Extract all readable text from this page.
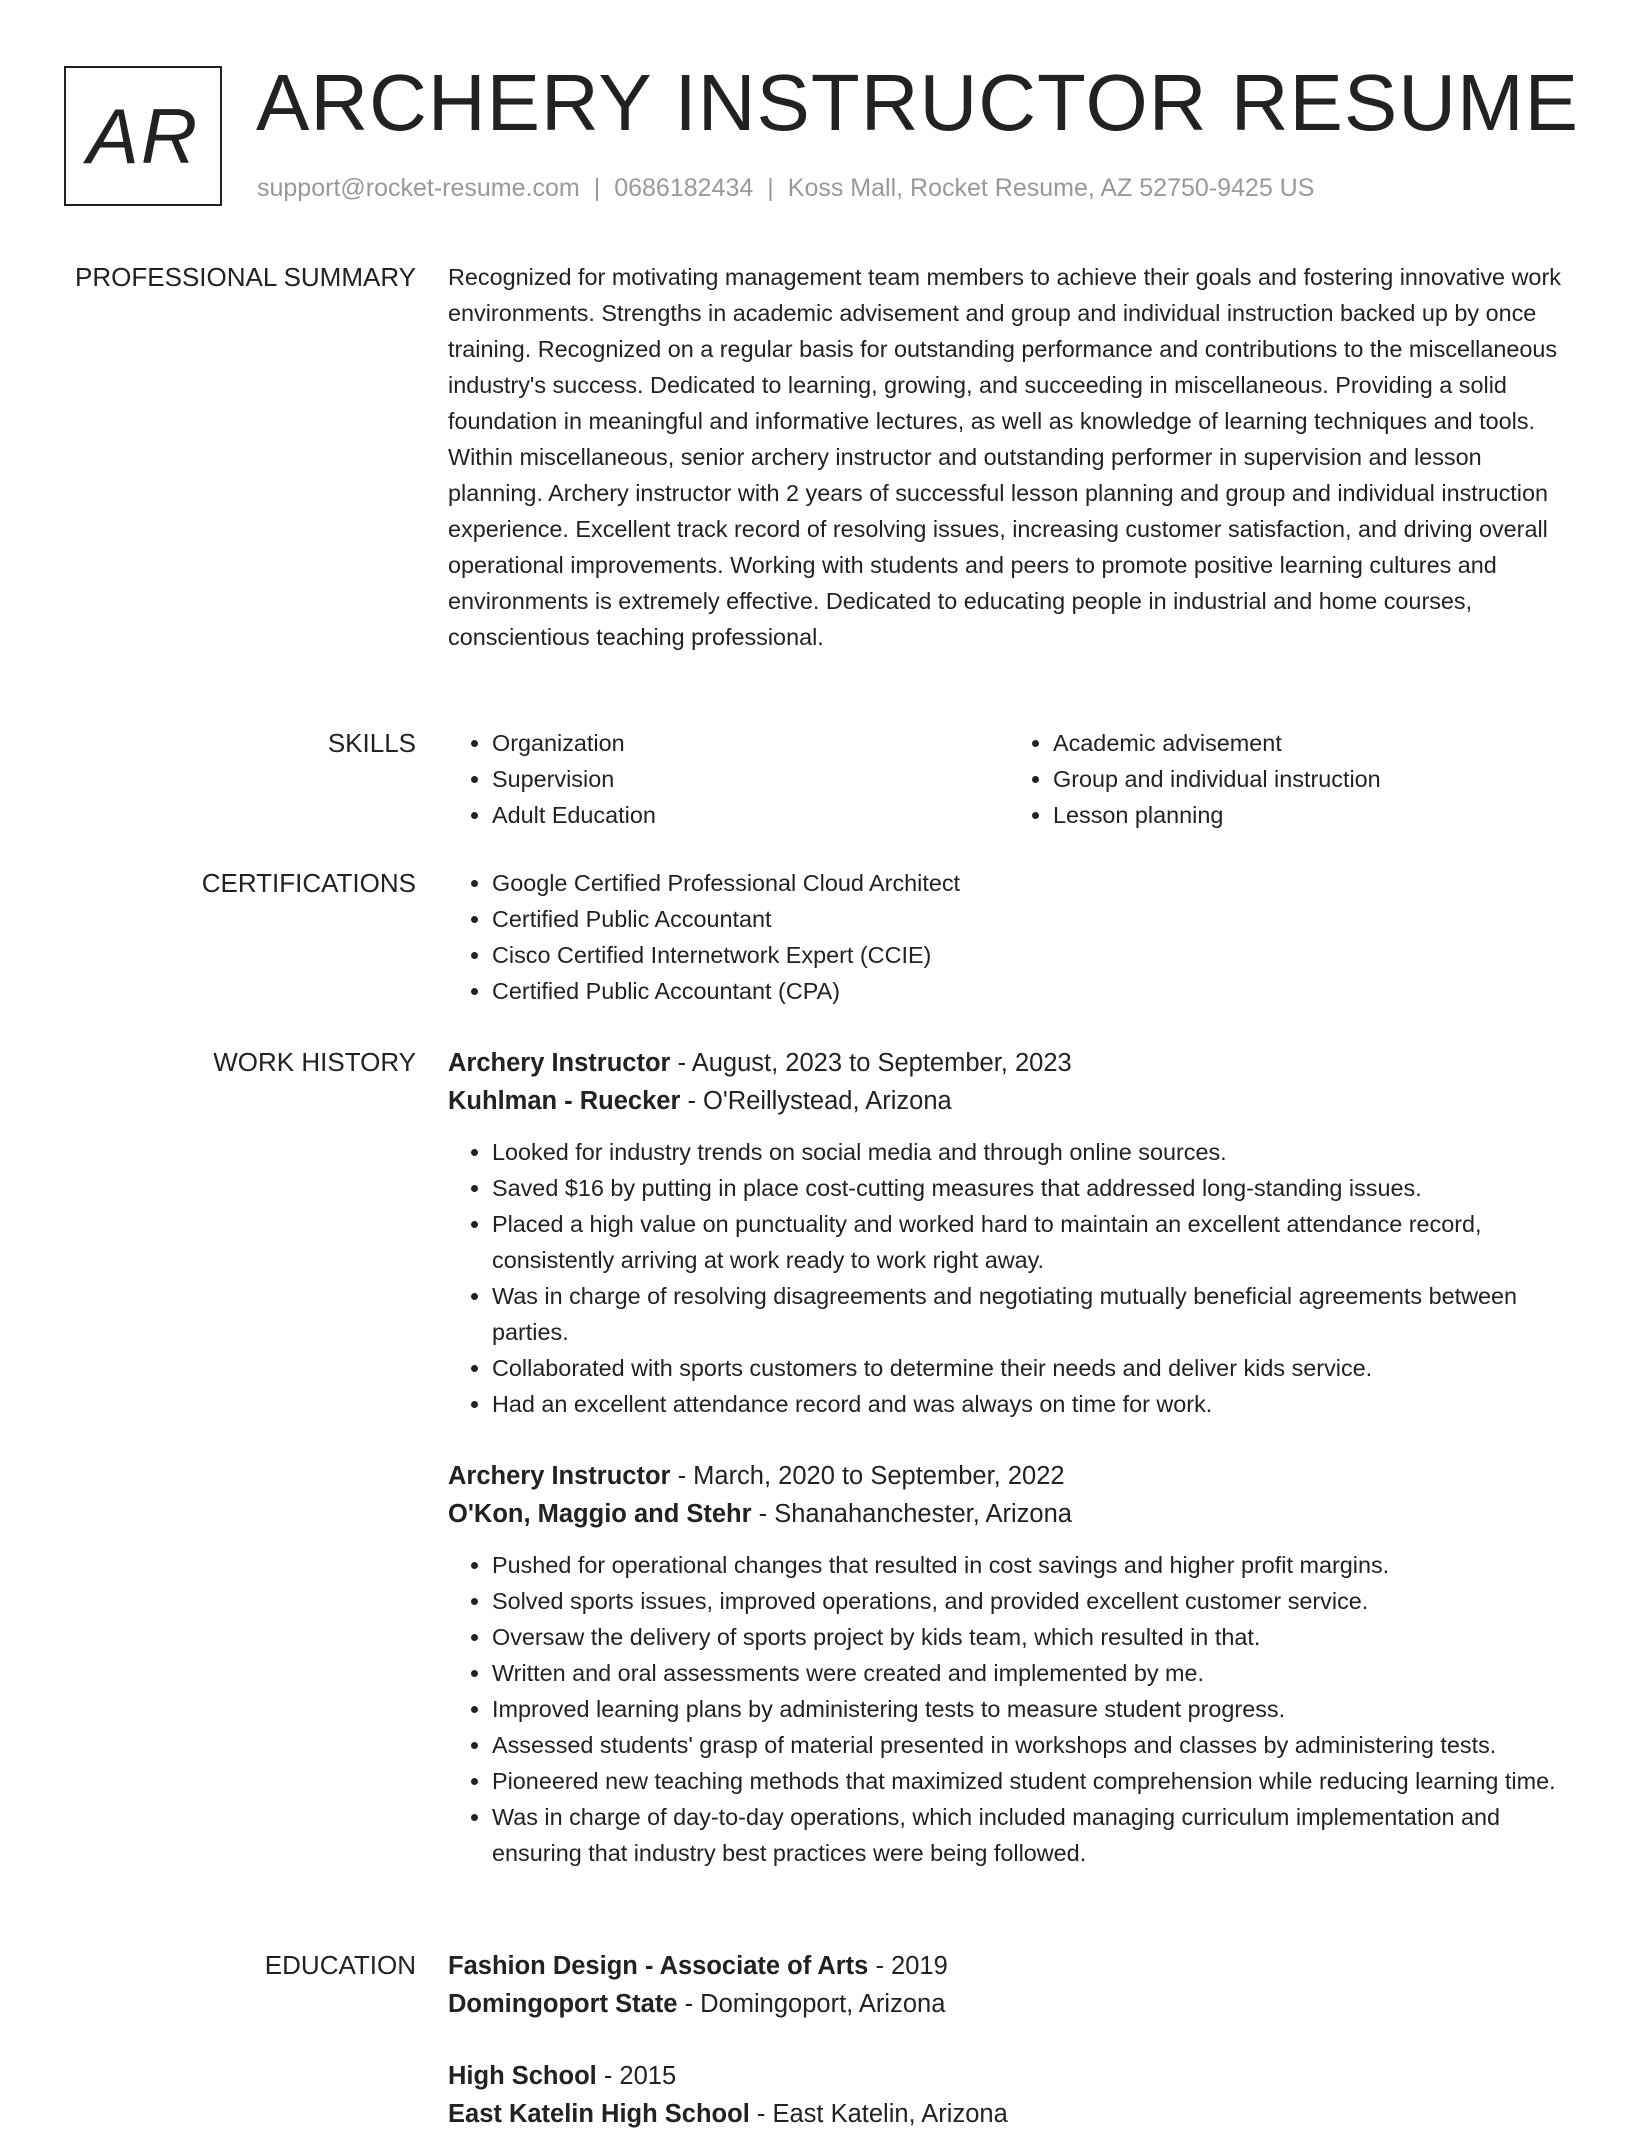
AR ARCHERY INSTRUCTOR RESUME
support@rocket-resume.com | 0686182434 | Koss Mall, Rocket Resume, AZ 52750-9425 US
PROFESSIONAL SUMMARY Recognized for motivating management team members to achieve their goals and fostering innovative work environments. Strengths in academic advisement and group and individual instruction backed up by once training. Recognized on a regular basis for outstanding performance and contributions to the miscellaneous industry's success. Dedicated to learning, growing, and succeeding in miscellaneous. Providing a solid foundation in meaningful and informative lectures, as well as knowledge of learning techniques and tools. Within miscellaneous, senior archery instructor and outstanding performer in supervision and lesson planning. Archery instructor with 2 years of successful lesson planning and group and individual instruction experience. Excellent track record of resolving issues, increasing customer satisfaction, and driving overall operational improvements. Working with students and peers to promote positive learning cultures and environments is extremely effective. Dedicated to educating people in industrial and home courses, conscientious teaching professional.

SKILLS	• Organization
• Supervision
• Adult Education
• Academic advisement
• Group and individual instruction
• Lesson planning
CERTIFICATIONS	• Google Certified Professional Cloud Architect
• Certified Public Accountant
• Cisco Certified Internetwork Expert (CCIE)
• Certified Public Accountant (CPA)
WORK HISTORY Archery Instructor - August, 2023 to September, 2023
Kuhlman - Ruecker - O'Reillystead, Arizona
• Looked for industry trends on social media and through online sources.
• Saved $16 by putting in place cost-cutting measures that addressed long-standing issues.
• Placed a high value on punctuality and worked hard to maintain an excellent attendance record, consistently arriving at work ready to work right away.
• Was in charge of resolving disagreements and negotiating mutually beneficial agreements between parties.
• Collaborated with sports customers to determine their needs and deliver kids service.
• Had an excellent attendance record and was always on time for work.
Archery Instructor - March, 2020 to September, 2022
O'Kon, Maggio and Stehr - Shanahanchester, Arizona
• Pushed for operational changes that resulted in cost savings and higher profit margins.
• Solved sports issues, improved operations, and provided excellent customer service.
• Oversaw the delivery of sports project by kids team, which resulted in that.
• Written and oral assessments were created and implemented by me.
• Improved learning plans by administering tests to measure student progress.
• Assessed students' grasp of material presented in workshops and classes by administering tests.
• Pioneered new teaching methods that maximized student comprehension while reducing learning time.
• Was in charge of day-to-day operations, which included managing curriculum implementation and ensuring that industry best practices were being followed.
EDUCATION Fashion Design - Associate of Arts - 2019
Domingoport State - Domingoport, Arizona
High School - 2015
East Katelin High School - East Katelin, Arizona
